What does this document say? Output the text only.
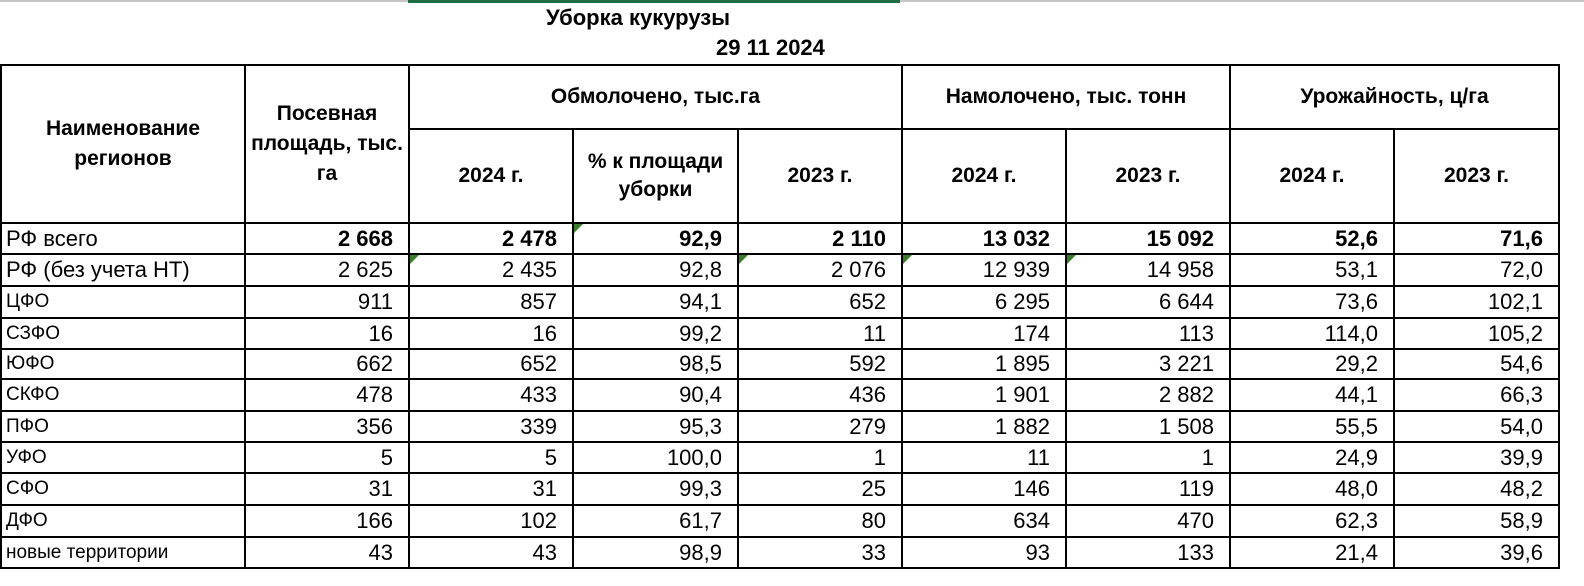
Уборка кукурузы
29 11 2024
Наименование регионов	Посевная площадь, тыс. га	Обмолочено, тыс.га			Намолочено, тыс. тонн		Урожайность, ц/га	
		2024 г.	% к площади уборки	2023 г.	2024 г.	2023 г.	2024 г.	2023 г.
РФ всего	2 668	2 478	92,9	2 110	13 032	15 092	52,6	71,6
РФ (без учета НТ)	2 625	2 435	92,8	2 076	12 939	14 958	53,1	72,0
ЦФО	911	857	94,1	652	6 295	6 644	73,6	102,1
СЗФО	16	16	99,2	11	174	113	114,0	105,2
ЮФО	662	652	98,5	592	1 895	3 221	29,2	54,6
СКФО	478	433	90,4	436	1 901	2 882	44,1	66,3
ПФО	356	339	95,3	279	1 882	1 508	55,5	54,0
УФО	5	5	100,0	1	11	1	24,9	39,9
СФО	31	31	99,3	25	146	119	48,0	48,2
ДФО	166	102	61,7	80	634	470	62,3	58,9
новые территории	43	43	98,9	33	93	133	21,4	39,6
